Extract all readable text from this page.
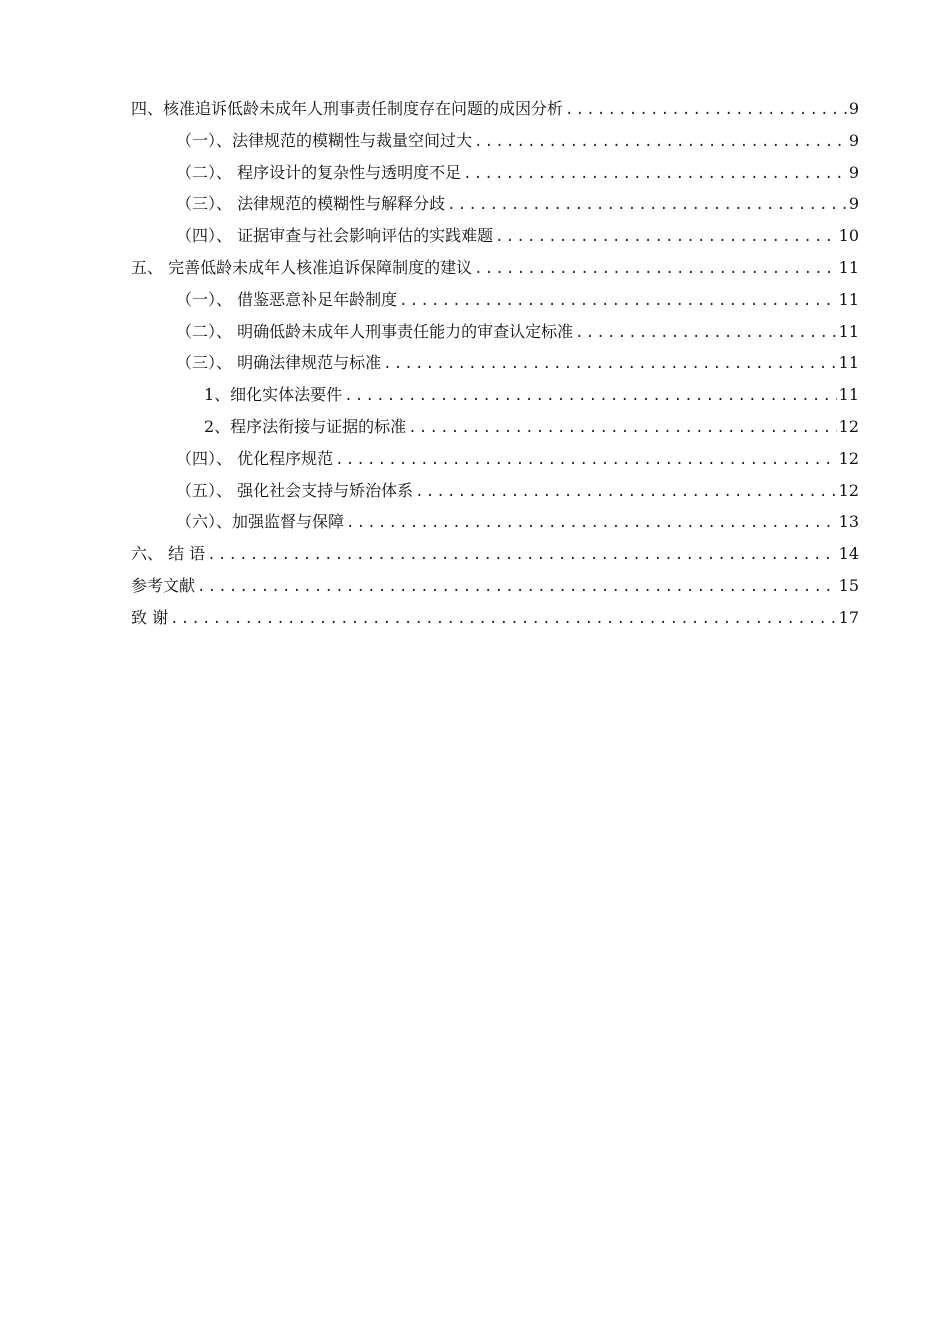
四、核准追诉低龄未成年人刑事责任制度存在问题的成因分析 .....	9
（一）、法律规范的模糊性与裁量空间过大 .....	9
（二）、 程序设计的复杂性与透明度不足 .....	9
（三）、 法律规范的模糊性与解释分歧 .....	9
（四）、 证据审查与社会影响评估的实践难题 .....	10
五、 完善低龄未成年人核准追诉保障制度的建议 .....	11
（一）、 借鉴恶意补足年龄制度 .....	11
（二）、 明确低龄未成年人刑事责任能力的审查认定标准 .....	11
（三）、 明确法律规范与标准 .....	11
1、细化实体法要件 .....	11
2、程序法衔接与证据的标准 .....	12
（四）、 优化程序规范 .....	12
（五）、 强化社会支持与矫治体系 .....	12
（六）、加强监督与保障 .....	13
六、 结 语 .....	14
参考文献 .....	15
致 谢 .....	17
